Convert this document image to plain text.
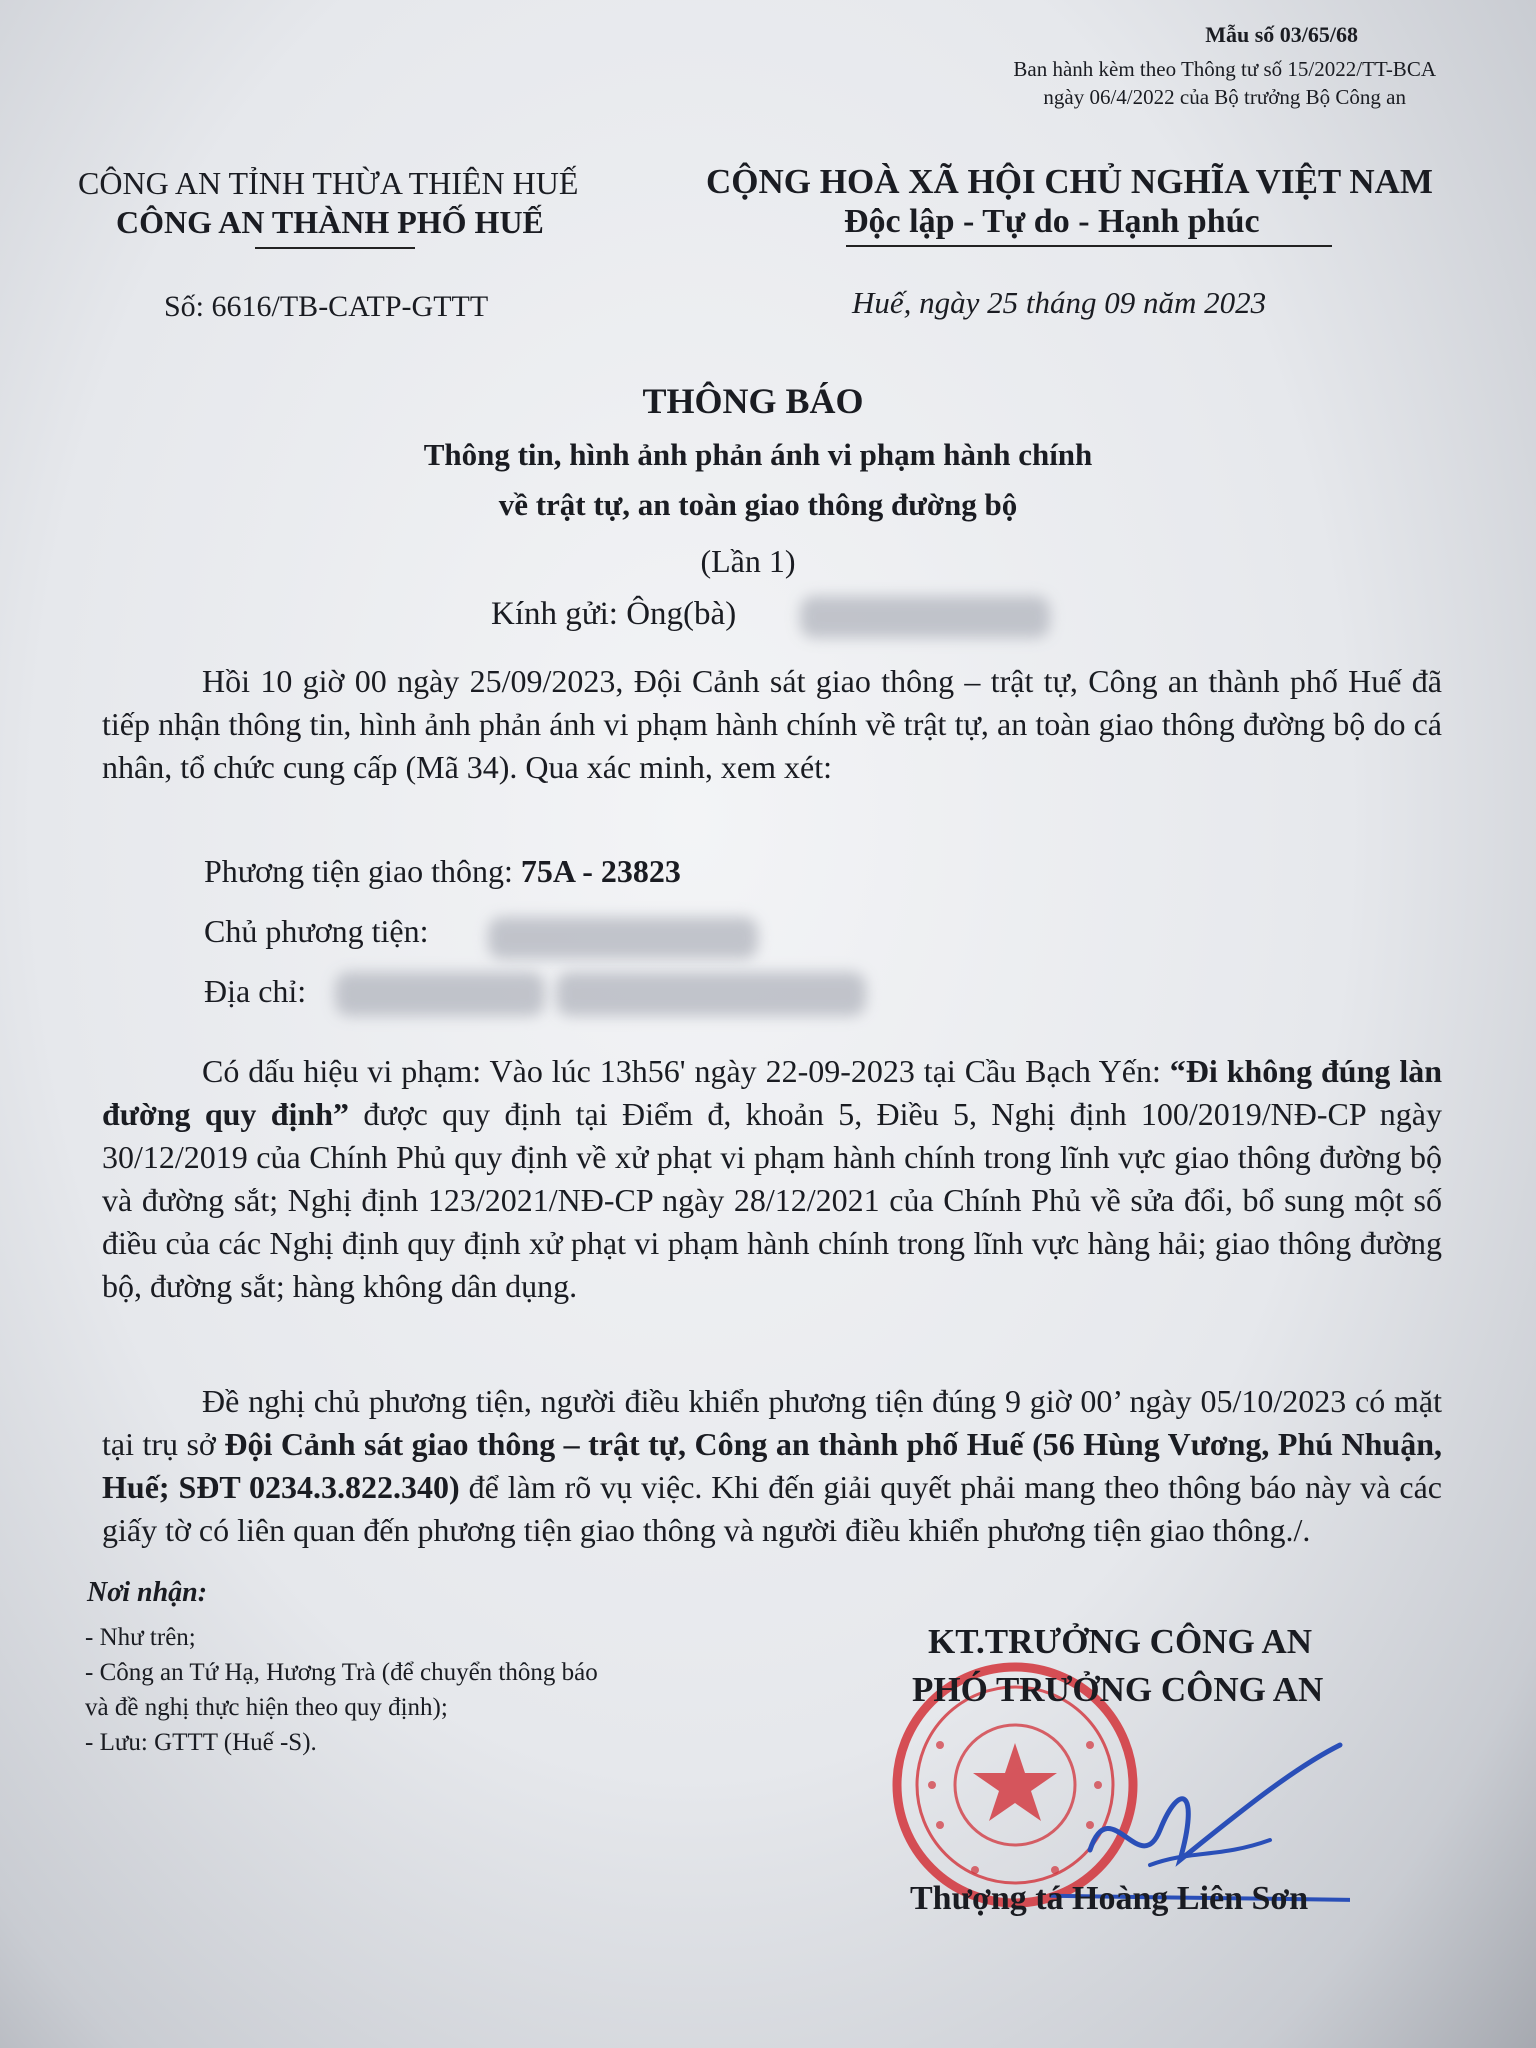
Mẫu số 03/65/68
Ban hành kèm theo Thông tư số 15/2022/TT-BCA
ngày 06/4/2022 của Bộ trưởng Bộ Công an
CÔNG AN TỈNH THỪA THIÊN HUẾ
CÔNG AN THÀNH PHỐ HUẾ
CỘNG HOÀ XÃ HỘI CHỦ NGHĨA VIỆT NAM
Độc lập - Tự do - Hạnh phúc
Số: 6616/TB-CATP-GTTT	Huế, ngày 25 tháng 09 năm 2023
THÔNG BÁO
Thông tin, hình ảnh phản ánh vi phạm hành chính
về trật tự, an toàn giao thông đường bộ
(Lần 1)
Kính gửi: Ông(bà)
Hồi 10 giờ 00 ngày 25/09/2023, Đội Cảnh sát giao thông – trật tự, Công an thành phố Huế đã tiếp nhận thông tin, hình ảnh phản ánh vi phạm hành chính về trật tự, an toàn giao thông đường bộ do cá nhân, tổ chức cung cấp (Mã 34). Qua xác minh, xem xét:
Phương tiện giao thông: 75A - 23823
Chủ phương tiện:
Địa chỉ:
Có dấu hiệu vi phạm: Vào lúc 13h56' ngày 22-09-2023 tại Cầu Bạch Yến: “Đi không đúng làn đường quy định” được quy định tại Điểm đ, khoản 5, Điều 5, Nghị định 100/2019/NĐ-CP ngày 30/12/2019 của Chính Phủ quy định về xử phạt vi phạm hành chính trong lĩnh vực giao thông đường bộ và đường sắt; Nghị định 123/2021/NĐ-CP ngày 28/12/2021 của Chính Phủ về sửa đổi, bổ sung một số điều của các Nghị định quy định xử phạt vi phạm hành chính trong lĩnh vực hàng hải; giao thông đường bộ, đường sắt; hàng không dân dụng.
Đề nghị chủ phương tiện, người điều khiển phương tiện đúng 9 giờ 00’ ngày 05/10/2023 có mặt tại trụ sở Đội Cảnh sát giao thông – trật tự, Công an thành phố Huế (56 Hùng Vương, Phú Nhuận, Huế; SĐT 0234.3.822.340) để làm rõ vụ việc. Khi đến giải quyết phải mang theo thông báo này và các giấy tờ có liên quan đến phương tiện giao thông và người điều khiển phương tiện giao thông./.
Nơi nhận:
- Như trên;
- Công an Tứ Hạ, Hương Trà (để chuyển thông báo
và đề nghị thực hiện theo quy định);
- Lưu: GTTT (Huế -S).
KT.TRƯỞNG CÔNG AN
PHÓ TRƯỞNG CÔNG AN
Thượng tá Hoàng Liên Sơn
